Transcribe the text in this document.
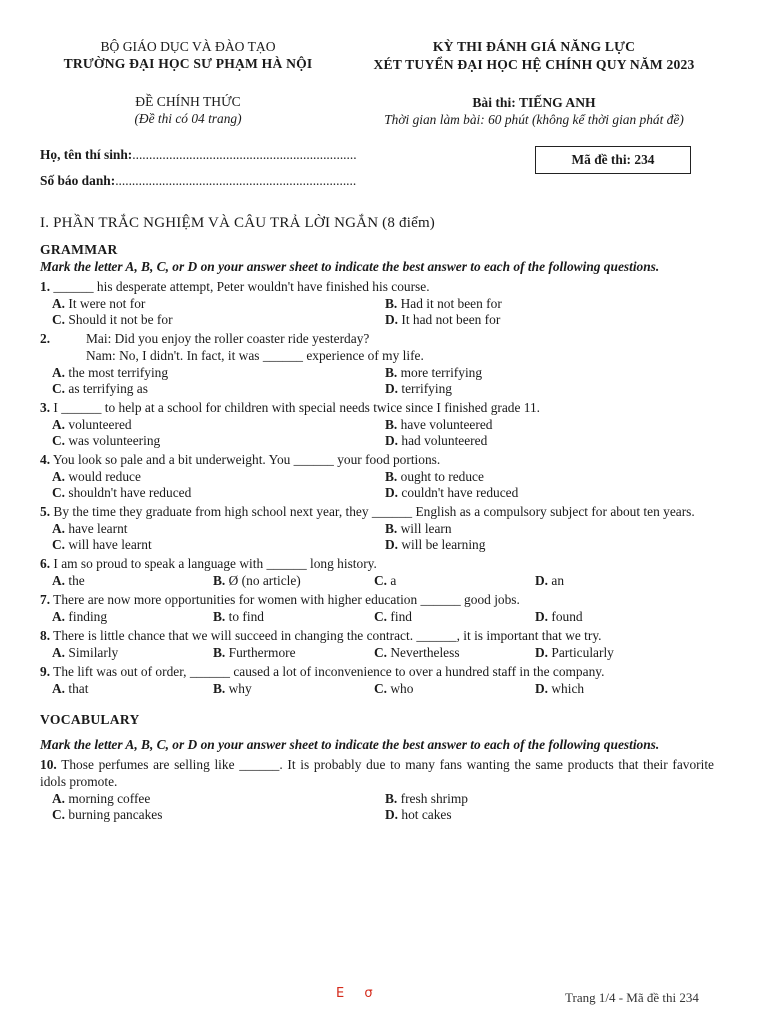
BỘ GIÁO DỤC VÀ ĐÀO TẠO
TRƯỜNG ĐẠI HỌC SƯ PHẠM HÀ NỘI
ĐỀ CHÍNH THỨC
(Đề thi có 04 trang)
KỲ THI ĐÁNH GIÁ NĂNG LỰC
XÉT TUYỂN ĐẠI HỌC HỆ CHÍNH QUY NĂM 2023
Bài thi: TIẾNG ANH
Thời gian làm bài: 60 phút (không kể thời gian phát đề)
Họ, tên thí sinh:...................................................................
Số báo danh:........................................................................
Mã đề thi: 234
I. PHẦN TRẮC NGHIỆM VÀ CÂU TRẢ LỜI NGẮN (8 điểm)
GRAMMAR
Mark the letter A, B, C, or D on your answer sheet to indicate the best answer to each of the following questions.
1. ______ his desperate attempt, Peter wouldn't have finished his course.
A. It were not for	B. Had it not been for
C. Should it not be for	D. It had not been for
2.	Mai: Did you enjoy the roller coaster ride yesterday?
Nam: No, I didn't. In fact, it was ______ experience of my life.
A. the most terrifying	B. more terrifying
C. as terrifying as	D. terrifying
3. I ______ to help at a school for children with special needs twice since I finished grade 11.
A. volunteered	B. have volunteered
C. was volunteering	D. had volunteered
4. You look so pale and a bit underweight. You ______ your food portions.
A. would reduce	B. ought to reduce
C. shouldn't have reduced	D. couldn't have reduced
5. By the time they graduate from high school next year, they ______ English as a compulsory subject for about ten years.
A. have learnt	B. will learn
C. will have learnt	D. will be learning
6. I am so proud to speak a language with ______ long history.
A. the	B. Ø (no article)	C. a	D. an
7. There are now more opportunities for women with higher education ______ good jobs.
A. finding	B. to find	C. find	D. found
8. There is little chance that we will succeed in changing the contract. ______, it is important that we try.
A. Similarly	B. Furthermore	C. Nevertheless	D. Particularly
9. The lift was out of order, ______ caused a lot of inconvenience to over a hundred staff in the company.
A. that	B. why	C. who	D. which
VOCABULARY
Mark the letter A, B, C, or D on your answer sheet to indicate the best answer to each of the following questions.
10. Those perfumes are selling like ______. It is probably due to many fans wanting the same products that their favorite idols promote.
A. morning coffee	B. fresh shrimp
C. burning pancakes	D. hot cakes
E σ	Trang 1/4 - Mã đề thi 234
